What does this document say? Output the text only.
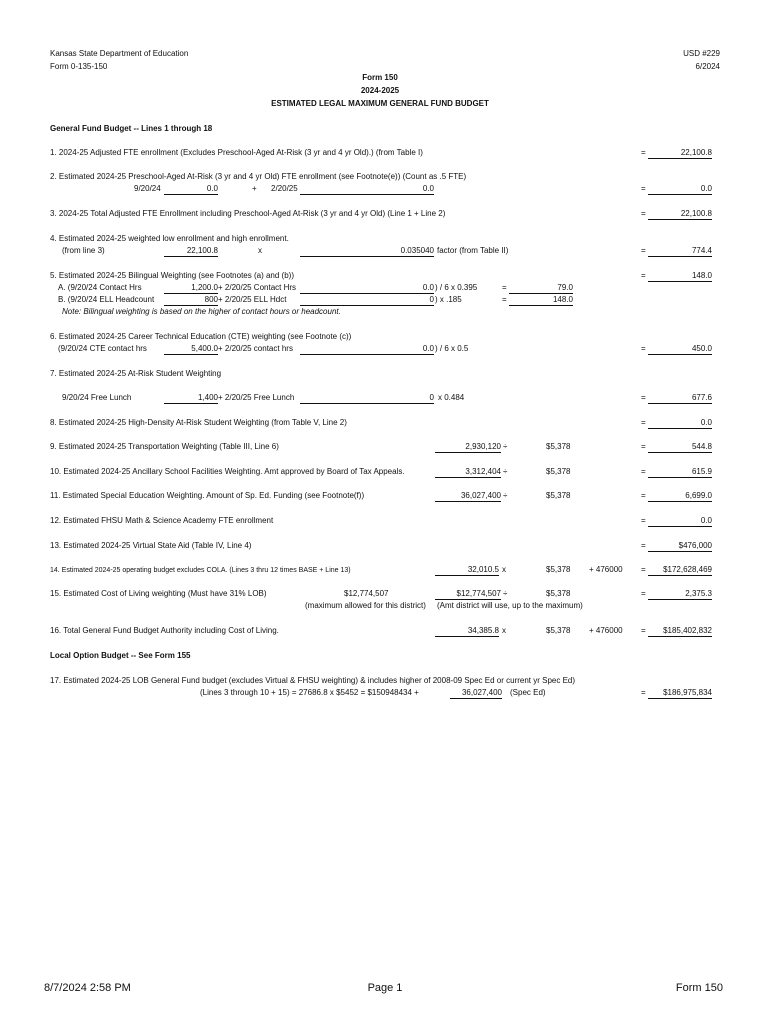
Kansas State Department of Education
Form 0-135-150
USD #229
6/2024
Form 150
2024-2025
ESTIMATED LEGAL MAXIMUM GENERAL FUND BUDGET
General Fund Budget -- Lines 1 through 18
1. 2024-25 Adjusted FTE enrollment (Excludes Preschool-Aged At-Risk (3 yr and 4 yr Old).) (from Table I)	=	22,100.8
2. Estimated 2024-25 Preschool-Aged At-Risk (3 yr and 4 yr Old) FTE enrollment (see Footnote(e)) (Count as .5 FTE)
9/20/24	0.0	+ 2/20/25	0.0	=	0.0
3. 2024-25 Total Adjusted FTE Enrollment including Preschool-Aged At-Risk (3 yr and 4 yr Old) (Line 1 + Line 2)	=	22,100.8
4. Estimated 2024-25 weighted low enrollment and high enrollment.
(from line 3)	22,100.8	x	0.035040 factor (from Table II)	=	774.4
5. Estimated 2024-25 Bilingual Weighting (see Footnotes (a) and (b))	=	148.0
A. (9/20/24 Contact Hrs	1,200.0 + 2/20/25 Contact Hrs	0.0 ) / 6 x 0.395	=	79.0
B. (9/20/24 ELL Headcount	800 + 2/20/25 ELL Hdct	0 ) x .185	=	148.0
Note: Bilingual weighting is based on the higher of contact hours or headcount.
6. Estimated 2024-25 Career Technical Education (CTE) weighting (see Footnote (c))
(9/20/24 CTE contact hrs	5,400.0 + 2/20/25 contact hrs	0.0 ) / 6 x 0.5	=	450.0
7. Estimated 2024-25 At-Risk Student Weighting
9/20/24 Free Lunch	1,400 + 2/20/25 Free Lunch	0 x 0.484	=	677.6
8. Estimated 2024-25 High-Density At-Risk Student Weighting (from Table V, Line 2)	=	0.0
9. Estimated 2024-25 Transportation Weighting (Table III, Line 6)	2,930,120 ÷	$5,378	=	544.8
10. Estimated 2024-25 Ancillary School Facilities Weighting. Amt approved by Board of Tax Appeals.	3,312,404 ÷	$5,378	=	615.9
11. Estimated Special Education Weighting. Amount of Sp. Ed. Funding (see Footnote(f))	36,027,400 ÷	$5,378	=	6,699.0
12. Estimated FHSU Math & Science Academy FTE enrollment	=	0.0
13. Estimated 2024-25 Virtual State Aid (Table IV, Line 4)	=	$476,000
14. Estimated 2024-25 operating budget excludes COLA. (Lines 3 thru 12 times BASE + Line 13)	32,010.5 x	$5,378 + 476000 =	$172,628,469
15. Estimated Cost of Living weighting (Must have 31% LOB)	$12,774,507	$12,774,507 ÷	$5,378	=	2,375.3
(maximum allowed for this district) (Amt district will use, up to the maximum)
16. Total General Fund Budget Authority including Cost of Living.	34,385.8 x	$5,378 + 476000 =	$185,402,832
Local Option Budget -- See Form 155
17. Estimated 2024-25 LOB General Fund budget (excludes Virtual & FHSU weighting) & includes higher of 2008-09 Spec Ed or current yr Spec Ed)
(Lines 3 through 10 + 15) = 27686.8 x $5452 = $150948434 +	36,027,400 (Spec Ed)	=	$186,975,834
8/7/2024 2:58 PM	Page 1	Form 150
